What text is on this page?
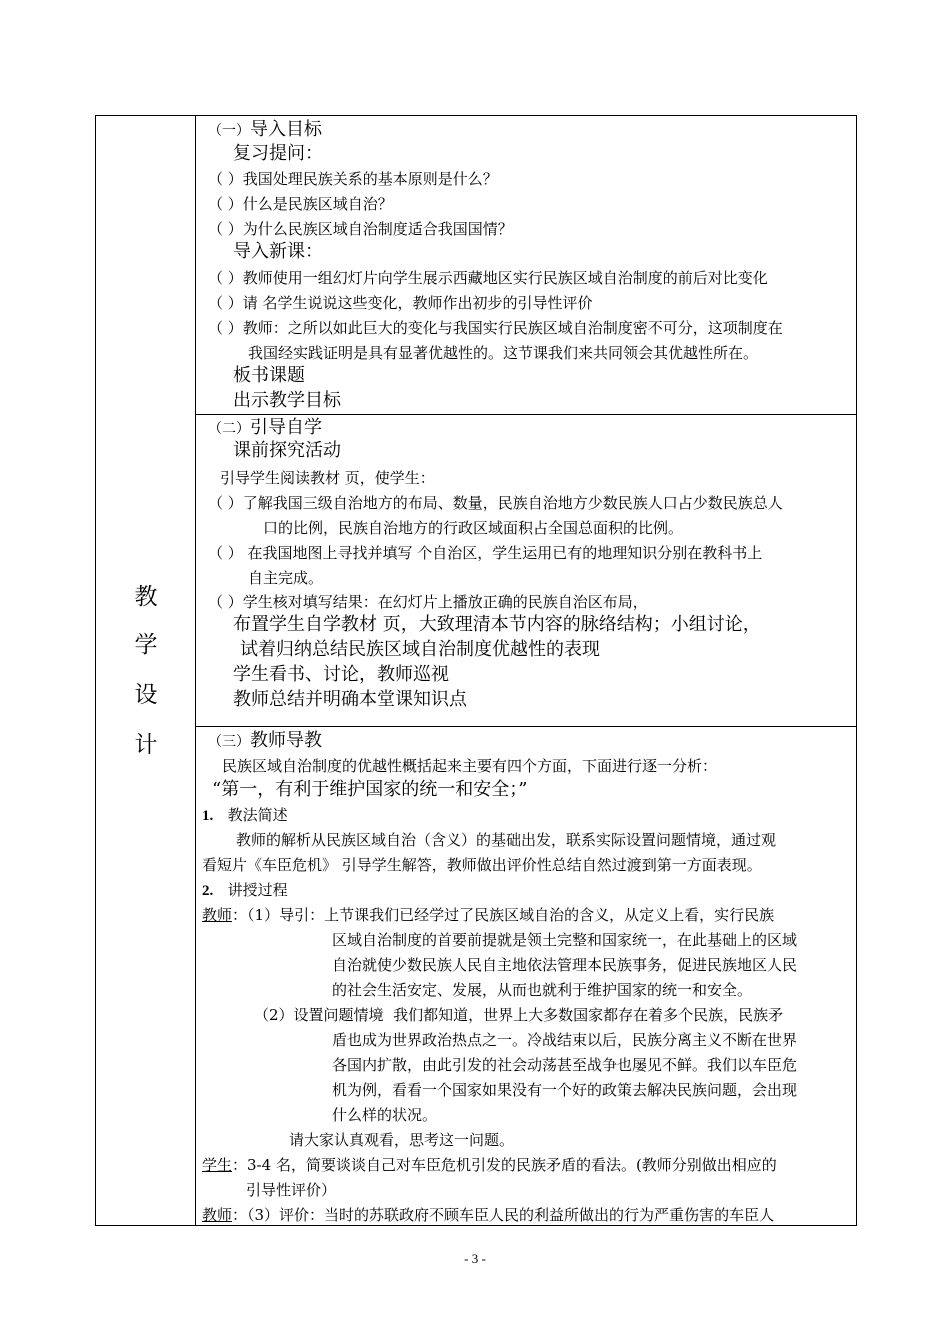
教
学
设
计
（一）导入目标
复习提问：
（ ）我国处理民族关系的基本原则是什么？
（ ）什么是民族区域自治？
（ ）为什么民族区域自治制度适合我国国情？
导入新课：
（ ）教师使用一组幻灯片向学生展示西藏地区实行民族区域自治制度的前后对比变化
（ ）请 名学生说说这些变化，教师作出初步的引导性评价
（ ）教师：之所以如此巨大的变化与我国实行民族区域自治制度密不可分，这项制度在
我国经实践证明是具有显著优越性的。这节课我们来共同领会其优越性所在。
板书课题
出示教学目标
（二）引导自学
课前探究活动
引导学生阅读教材 页，使学生：
（ ）了解我国三级自治地方的布局、数量，民族自治地方少数民族人口占少数民族总人
口的比例，民族自治地方的行政区域面积占全国总面积的比例。
（ ） 在我国地图上寻找并填写 个自治区，学生运用已有的地理知识分别在教科书上
自主完成。
（ ）学生核对填写结果：在幻灯片上播放正确的民族自治区布局，
布置学生自学教材 页，大致理清本节内容的脉络结构；小组讨论，
试着归纳总结民族区域自治制度优越性的表现
学生看书、讨论，教师巡视
教师总结并明确本堂课知识点
（三）教师导教
民族区域自治制度的优越性概括起来主要有四个方面，下面进行逐一分析：
“第一，有利于维护国家的统一和安全；”
1. 教法简述
教师的解析从民族区域自治（含义）的基础出发，联系实际设置问题情境，通过观
看短片《车臣危机》 引导学生解答，教师做出评价性总结自然过渡到第一方面表现。
2. 讲授过程
教师：（1）导引：上节课我们已经学过了民族区域自治的含义，从定义上看，实行民族
区域自治制度的首要前提就是领土完整和国家统一，在此基础上的区域
自治就使少数民族人民自主地依法管理本民族事务，促进民族地区人民
的社会生活安定、发展，从而也就利于维护国家的统一和安全。
（2）设置问题情境 我们都知道，世界上大多数国家都存在着多个民族，民族矛
盾也成为世界政治热点之一。冷战结束以后，民族分离主义不断在世界
各国内扩散，由此引发的社会动荡甚至战争也屡见不鲜。我们以车臣危
机为例，看看一个国家如果没有一个好的政策去解决民族问题，会出现
什么样的状况。
请大家认真观看，思考这一问题。
学生：3-4 名，简要谈谈自己对车臣危机引发的民族矛盾的看法。(教师分别做出相应的
引导性评价）
教师：（3）评价：当时的苏联政府不顾车臣人民的利益所做出的行为严重伤害的车臣人
- 3 -
